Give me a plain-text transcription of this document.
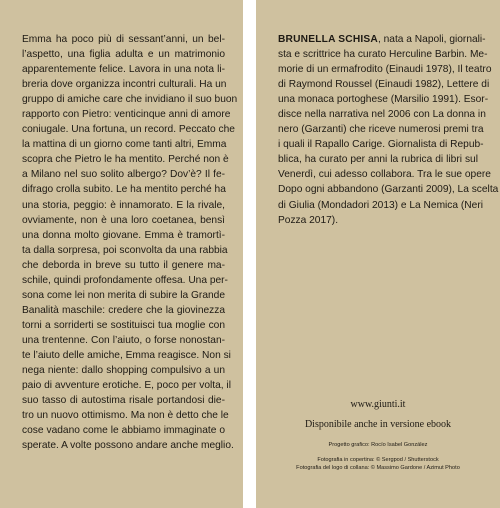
Emma ha poco più di sessant’anni, un bel-
l’aspetto, una figlia adulta e un matrimonio
apparentemente felice. Lavora in una nota li-
breria dove organizza incontri culturali. Ha un
gruppo di amiche care che invidiano il suo buon
rapporto con Pietro: venticinque anni di amore
coniugale. Una fortuna, un record. Peccato che
la mattina di un giorno come tanti altri, Emma
scopra che Pietro le ha mentito. Perché non è
a Milano nel suo solito albergo? Dov’è? Il fe-
difrago crolla subito. Le ha mentito perché ha
una storia, peggio: è innamorato. E la rivale,
ovviamente, non è una loro coetanea, bensì
una donna molto giovane. Emma è tramortì-
ta dalla sorpresa, poi sconvolta da una rabbia
che deborda in breve su tutto il genere ma-
schile, quindi profondamente offesa. Una per-
sona come lei non merita di subire la Grande
Banalità maschile: credere che la giovinezza
torni a sorriderti se sostituisci tua moglie con
una trentenne. Con l’aiuto, o forse nonostan-
te l’aiuto delle amiche, Emma reagisce. Non si
nega niente: dallo shopping compulsivo a un
paio di avventure erotiche. E, poco per volta, il
suo tasso di autostima risale portandosi die-
tro un nuovo ottimismo. Ma non è detto che le
cose vadano come le abbiamo immaginate o
sperate. A volte possono andare anche meglio.
BRUNELLA SCHISA, nata a Napoli, giornali-
sta e scrittrice ha curato Herculine Barbin. Me-
morie di un ermafrodito (Einaudi 1978), Il teatro
di Raymond Roussel (Einaudi 1982), Lettere di
una monaca portoghese (Marsilio 1991). Esor-
disce nella narrativa nel 2006 con La donna in
nero (Garzanti) che riceve numerosi premi tra
i quali il Rapallo Carige. Giornalista di Repub-
blica, ha curato per anni la rubrica di libri sul
Venerdì, cui adesso collabora. Tra le sue opere
Dopo ogni abbandono (Garzanti 2009), La scelta
di Giulia (Mondadori 2013) e La Nemica (Neri
Pozza 2017).
www.giunti.it
Disponibile anche in versione ebook
Progetto grafico: Rocío Isabel González
Fotografia in copertina: © Sergpod / Shutterstock
Fotografia del logo di collana: © Massimo Gardone / Azimut Photo
